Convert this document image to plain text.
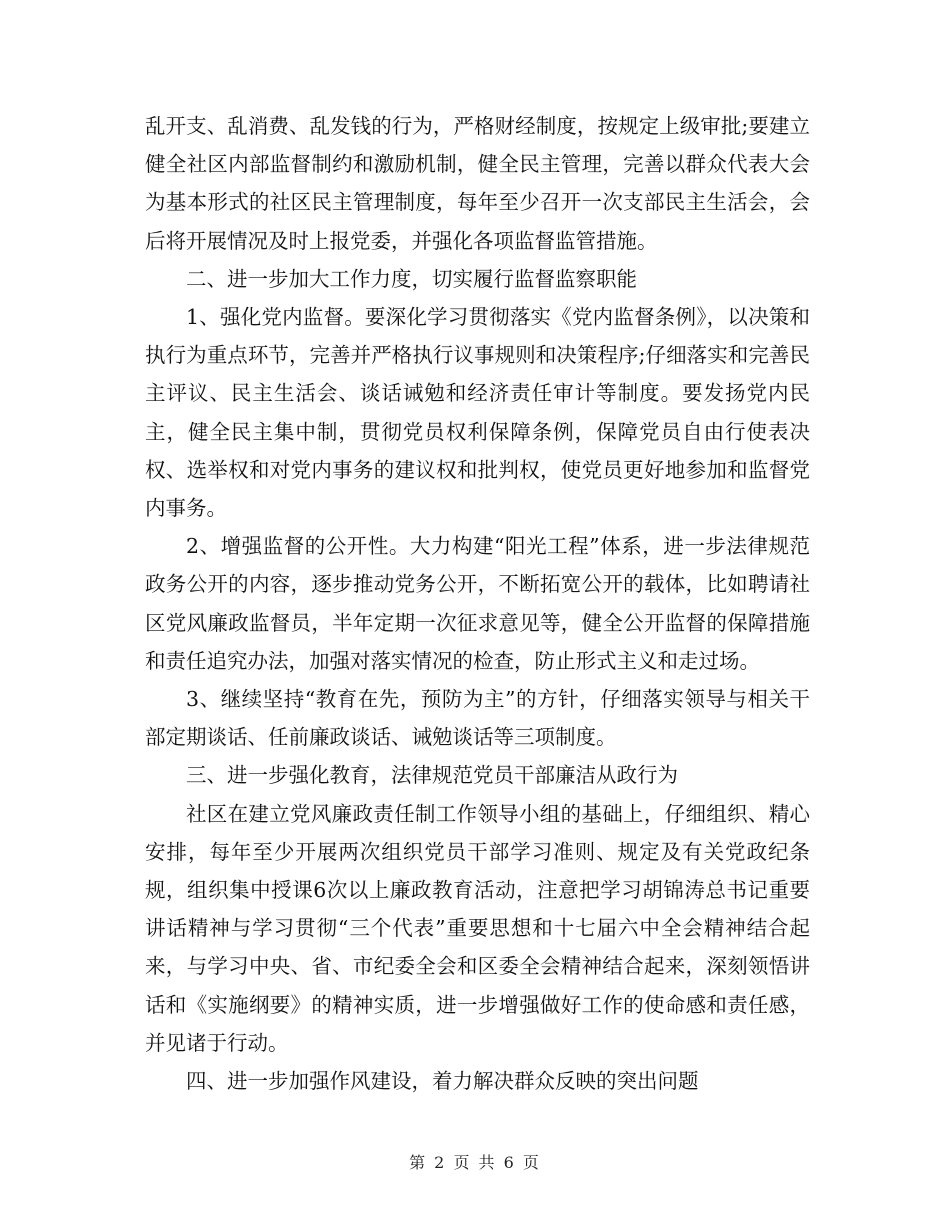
乱开支、乱消费、乱发钱的行为，严格财经制度，按规定上级审批;要建立健全社区内部监督制约和激励机制，健全民主管理，完善以群众代表大会为基本形式的社区民主管理制度，每年至少召开一次支部民主生活会，会后将开展情况及时上报党委，并强化各项监督监管措施。

二、进一步加大工作力度，切实履行监督监察职能

1、强化党内监督。要深化学习贯彻落实《党内监督条例》，以决策和执行为重点环节，完善并严格执行议事规则和决策程序;仔细落实和完善民主评议、民主生活会、谈话诫勉和经济责任审计等制度。要发扬党内民主，健全民主集中制，贯彻党员权利保障条例，保障党员自由行使表决权、选举权和对党内事务的建议权和批判权，使党员更好地参加和监督党内事务。

2、增强监督的公开性。大力构建“阳光工程”体系，进一步法律规范政务公开的内容，逐步推动党务公开，不断拓宽公开的载体，比如聘请社区党风廉政监督员，半年定期一次征求意见等，健全公开监督的保障措施和责任追究办法，加强对落实情况的检查，防止形式主义和走过场。

3、继续坚持“教育在先，预防为主”的方针，仔细落实领导与相关干部定期谈话、任前廉政谈话、诫勉谈话等三项制度。

三、进一步强化教育，法律规范党员干部廉洁从政行为

社区在建立党风廉政责任制工作领导小组的基础上，仔细组织、精心安排，每年至少开展两次组织党员干部学习准则、规定及有关党政纪条规，组织集中授课6次以上廉政教育活动，注意把学习胡锦涛总书记重要讲话精神与学习贯彻“三个代表”重要思想和十七届六中全会精神结合起来，与学习中央、省、市纪委全会和区委全会精神结合起来，深刻领悟讲话和《实施纲要》的精神实质，进一步增强做好工作的使命感和责任感，并见诸于行动。

四、进一步加强作风建设，着力解决群众反映的突出问题

第 2 页 共 6 页
